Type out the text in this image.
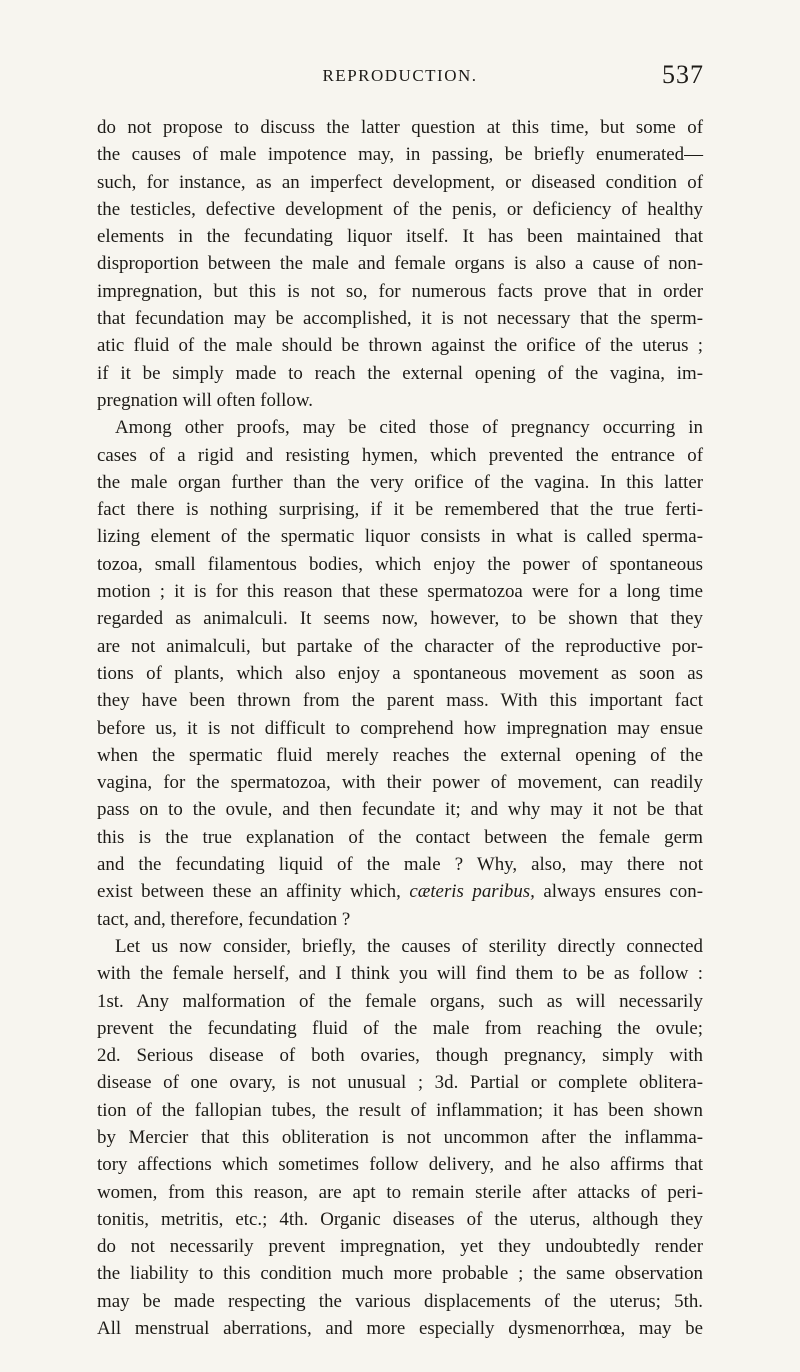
REPRODUCTION.	537
do not propose to discuss the latter question at this time, but some of
the causes of male impotence may, in passing, be briefly enumerated—
such, for instance, as an imperfect development, or diseased condition of
the testicles, defective development of the penis, or deficiency of healthy
elements in the fecundating liquor itself. It has been maintained that
disproportion between the male and female organs is also a cause of non-
impregnation, but this is not so, for numerous facts prove that in order
that fecundation may be accomplished, it is not necessary that the sperm-
atic fluid of the male should be thrown against the orifice of the uterus ;
if it be simply made to reach the external opening of the vagina, im-
pregnation will often follow.
Among other proofs, may be cited those of pregnancy occurring in
cases of a rigid and resisting hymen, which prevented the entrance of
the male organ further than the very orifice of the vagina. In this latter
fact there is nothing surprising, if it be remembered that the true ferti-
lizing element of the spermatic liquor consists in what is called sperma-
tozoa, small filamentous bodies, which enjoy the power of spontaneous
motion ; it is for this reason that these spermatozoa were for a long time
regarded as animalculi. It seems now, however, to be shown that they
are not animalculi, but partake of the character of the reproductive por-
tions of plants, which also enjoy a spontaneous movement as soon as
they have been thrown from the parent mass. With this important fact
before us, it is not difficult to comprehend how impregnation may ensue
when the spermatic fluid merely reaches the external opening of the
vagina, for the spermatozoa, with their power of movement, can readily
pass on to the ovule, and then fecundate it; and why may it not be that
this is the true explanation of the contact between the female germ
and the fecundating liquid of the male ? Why, also, may there not
exist between these an affinity which, cæteris paribus, always ensures con-
tact, and, therefore, fecundation ?
Let us now consider, briefly, the causes of sterility directly connected
with the female herself, and I think you will find them to be as follow :
1st. Any malformation of the female organs, such as will necessarily
prevent the fecundating fluid of the male from reaching the ovule;
2d. Serious disease of both ovaries, though pregnancy, simply with
disease of one ovary, is not unusual ; 3d. Partial or complete oblitera-
tion of the fallopian tubes, the result of inflammation; it has been shown
by Mercier that this obliteration is not uncommon after the inflamma-
tory affections which sometimes follow delivery, and he also affirms that
women, from this reason, are apt to remain sterile after attacks of peri-
tonitis, metritis, etc.; 4th. Organic diseases of the uterus, although they
do not necessarily prevent impregnation, yet they undoubtedly render
the liability to this condition much more probable ; the same observation
may be made respecting the various displacements of the uterus; 5th.
All menstrual aberrations, and more especially dysmenorrhœa, may be
